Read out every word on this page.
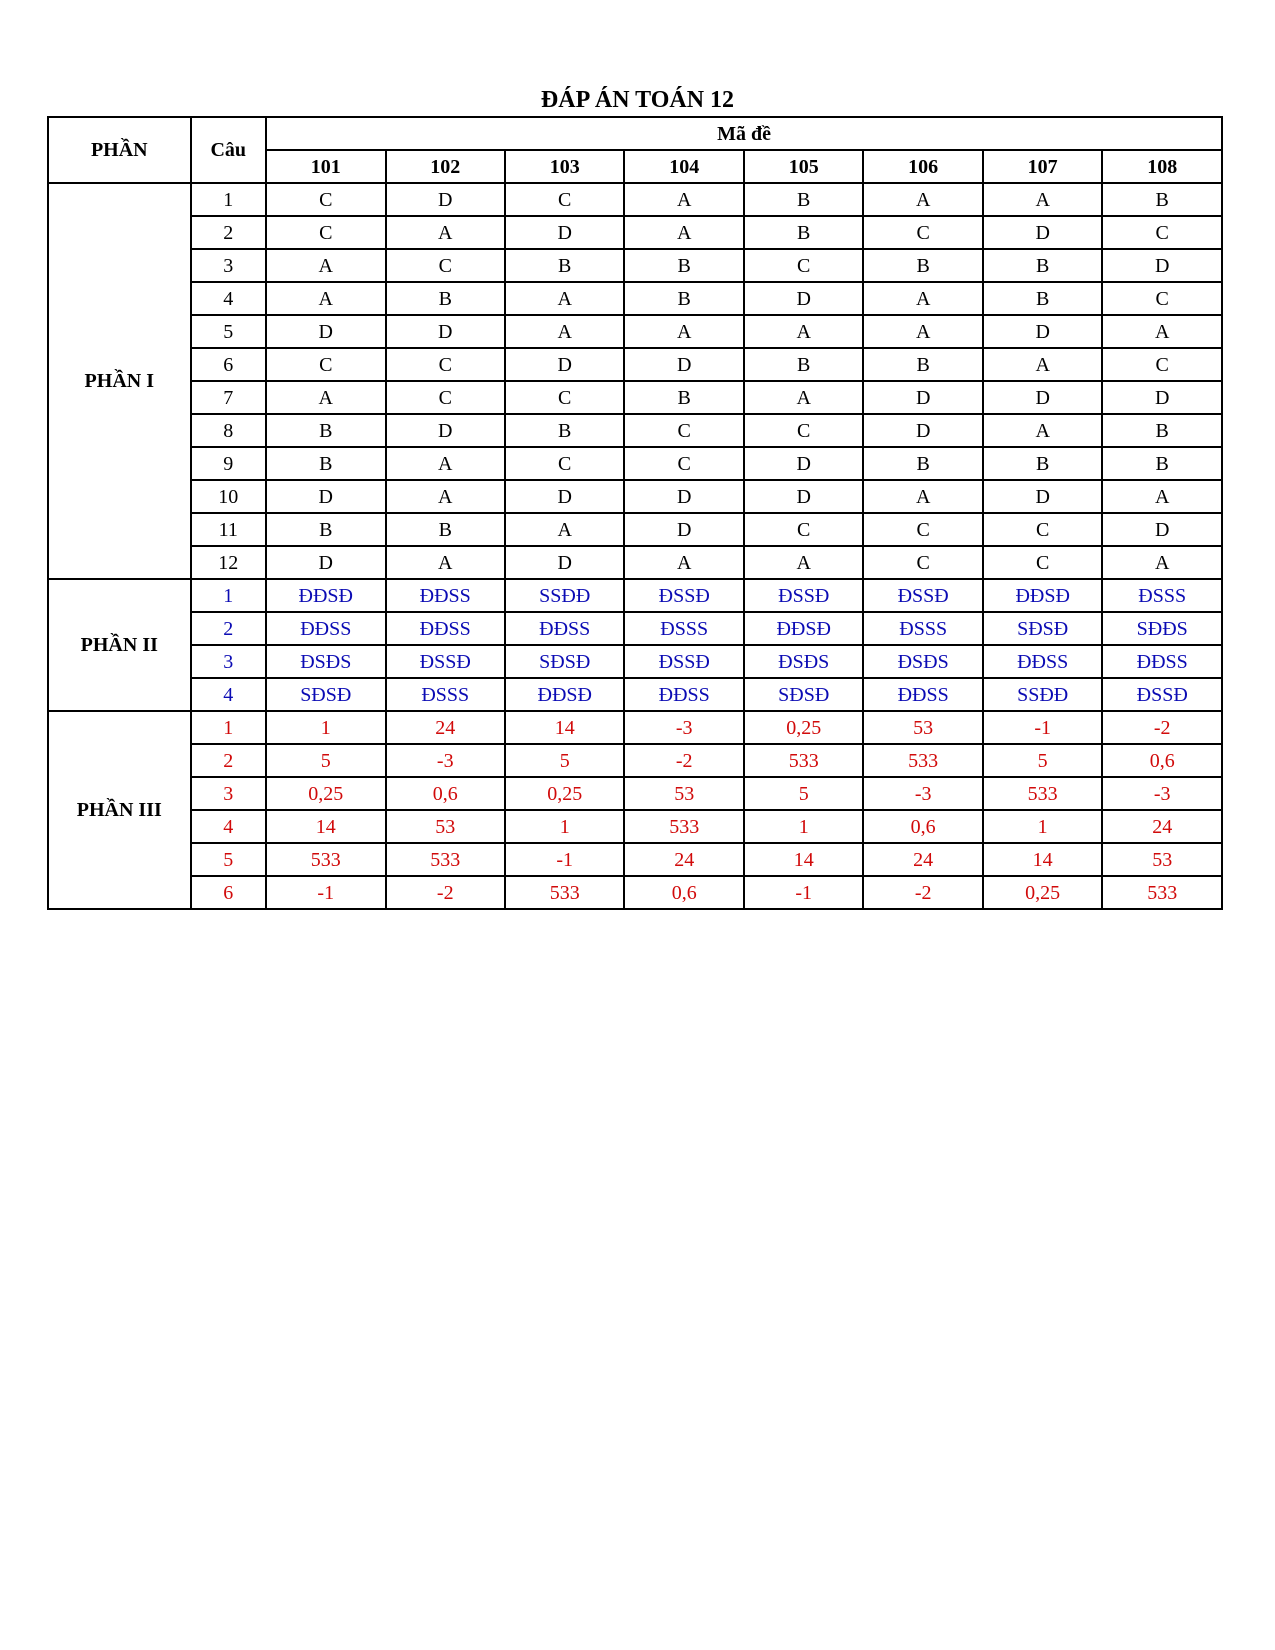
ĐÁP ÁN TOÁN 12
PHẦN	Câu	Mã đề							
		101	102	103	104	105	106	107	108
PHẦN I	1	C	D	C	A	B	A	A	B
	2	C	A	D	A	B	C	D	C
	3	A	C	B	B	C	B	B	D
	4	A	B	A	B	D	A	B	C
	5	D	D	A	A	A	A	D	A
	6	C	C	D	D	B	B	A	C
	7	A	C	C	B	A	D	D	D
	8	B	D	B	C	C	D	A	B
	9	B	A	C	C	D	B	B	B
	10	D	A	D	D	D	A	D	A
	11	B	B	A	D	C	C	C	D
	12	D	A	D	A	A	C	C	A
PHẦN II	1	ĐĐSĐ	ĐĐSS	SSĐĐ	ĐSSĐ	ĐSSĐ	ĐSSĐ	ĐĐSĐ	ĐSSS
	2	ĐĐSS	ĐĐSS	ĐĐSS	ĐSSS	ĐĐSĐ	ĐSSS	SĐSĐ	SĐĐS
	3	ĐSĐS	ĐSSĐ	SĐSĐ	ĐSSĐ	ĐSĐS	ĐSĐS	ĐĐSS	ĐĐSS
	4	SĐSĐ	ĐSSS	ĐĐSĐ	ĐĐSS	SĐSĐ	ĐĐSS	SSĐĐ	ĐSSĐ
PHẦN III	1	1	24	14	-3	0,25	53	-1	-2
	2	5	-3	5	-2	533	533	5	0,6
	3	0,25	0,6	0,25	53	5	-3	533	-3
	4	14	53	1	533	1	0,6	1	24
	5	533	533	-1	24	14	24	14	53
	6	-1	-2	533	0,6	-1	-2	0,25	533
